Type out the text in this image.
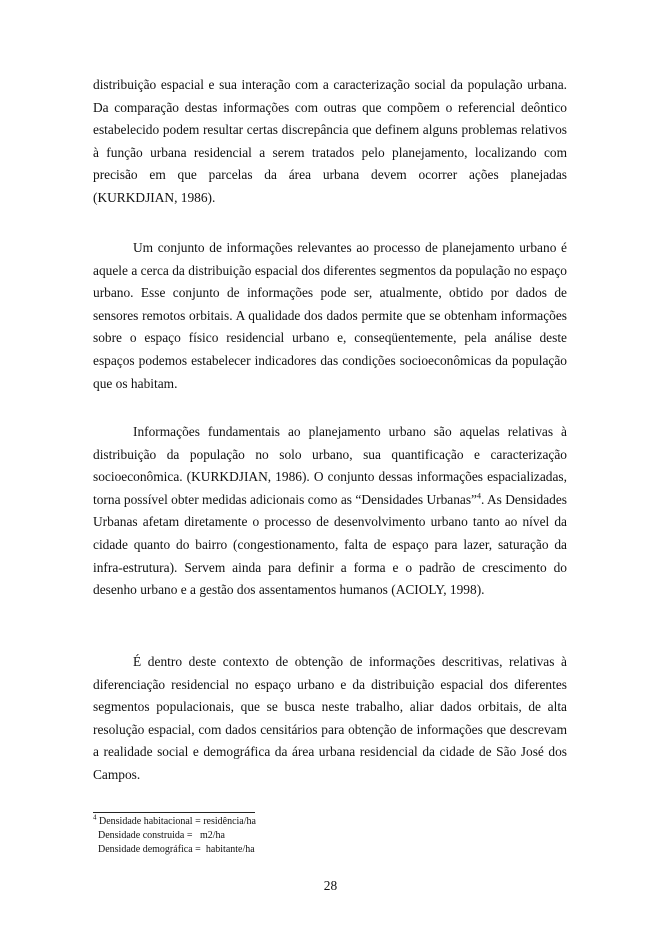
distribuição espacial e sua interação com a caracterização social da população urbana. Da comparação destas informações com outras que compõem o referencial deôntico estabelecido podem resultar certas discrepância que definem alguns problemas relativos à função urbana residencial a serem tratados pelo planejamento, localizando com precisão em que parcelas da área urbana devem ocorrer ações planejadas (KURKDJIAN, 1986).

Um conjunto de informações relevantes ao processo de planejamento urbano é aquele a cerca da distribuição espacial dos diferentes segmentos da população no espaço urbano. Esse conjunto de informações pode ser, atualmente, obtido por dados de sensores remotos orbitais. A qualidade dos dados permite que se obtenham informações sobre o espaço físico residencial urbano e, conseqüentemente, pela análise deste espaços podemos estabelecer indicadores das condições socioeconômicas da população que os habitam.

Informações fundamentais ao planejamento urbano são aquelas relativas à distribuição da população no solo urbano, sua quantificação e caracterização socioeconômica. (KURKDJIAN, 1986). O conjunto dessas informações espacializadas, torna possível obter medidas adicionais como as “Densidades Urbanas”$^4$. As Densidades Urbanas afetam diretamente o processo de desenvolvimento urbano tanto ao nível da cidade quanto do bairro (congestionamento, falta de espaço para lazer, saturação da infra-estrutura). Servem ainda para definir a forma e o padrão de crescimento do desenho urbano e a gestão dos assentamentos humanos (ACIOLY, 1998).

É dentro deste contexto de obtenção de informações descritivas, relativas à diferenciação residencial no espaço urbano e da distribuição espacial dos diferentes segmentos populacionais, que se busca neste trabalho, aliar dados orbitais, de alta resolução espacial, com dados censitários para obtenção de informações que descrevam a realidade social e demográfica da área urbana residencial da cidade de São José dos Campos.

$^4$ Densidade habitacional = residência/ha
Densidade construida =   m2/ha
Densidade demográfica =  habitante/ha
28
